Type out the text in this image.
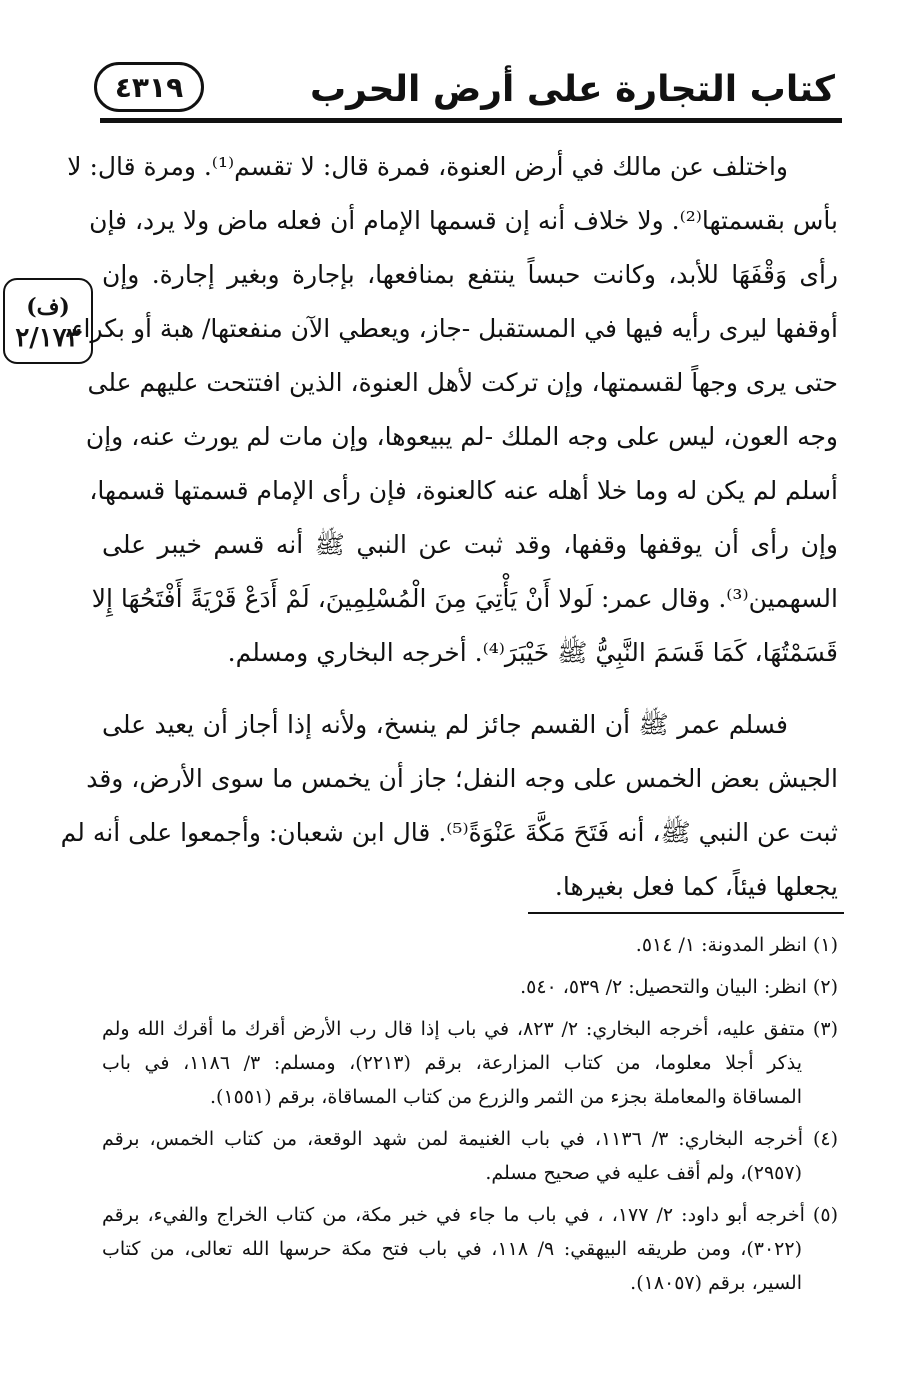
كتاب التجارة على أرض الحرب
٤٣١٩
(ف)
٢/١٧٣
واختلف عن مالك في أرض العنوة، فمرة قال: لا تقسم⁽¹⁾. ومرة قال: لا
بأس بقسمتها⁽²⁾. ولا خلاف أنه إن قسمها الإمام أن فعله ماض ولا يرد، فإن
رأى وَقْفَهَا للأبد، وكانت حبساً ينتفع بمنافعها، بإجارة وبغير إجارة. وإن
أوقفها ليرى رأيه فيها في المستقبل -جاز، ويعطي الآن منفعتها/ هبة أو بكراء،
حتى يرى وجهاً لقسمتها، وإن تركت لأهل العنوة، الذين افتتحت عليهم على
وجه العون، ليس على وجه الملك -لم يبيعوها، وإن مات لم يورث عنه، وإن
أسلم لم يكن له وما خلا أهله عنه كالعنوة، فإن رأى الإمام قسمتها قسمها،
وإن رأى أن يوقفها وقفها، وقد ثبت عن النبي ﷺ أنه قسم خيبر على
السهمين⁽³⁾. وقال عمر: لَولا أَنْ يَأْتِيَ مِنَ الْمُسْلِمِينَ، لَمْ أَدَعْ قَرْيَةً أَفْتَحُهَا إِلا
قَسَمْتُهَا، كَمَا قَسَمَ النَّبِيُّ ﷺ خَيْبَرَ⁽⁴⁾. أخرجه البخاري ومسلم.
فسلم عمر ﷺ أن القسم جائز لم ينسخ، ولأنه إذا أجاز أن يعيد على
الجيش بعض الخمس على وجه النفل؛ جاز أن يخمس ما سوى الأرض، وقد
ثبت عن النبي ﷺ، أنه فَتَحَ مَكَّةَ عَنْوَةً⁽⁵⁾. قال ابن شعبان: وأجمعوا على أنه لم
يجعلها فيئاً، كما فعل بغيرها.
(١) انظر المدونة: ١/ ٥١٤.
(٢) انظر: البيان والتحصيل: ٢/ ٥٣٩، ٥٤٠.
(٣) متفق عليه، أخرجه البخاري: ٢/ ٨٢٣، في باب إذا قال رب الأرض أقرك ما أقرك الله ولم
يذكر أجلا معلوما، من كتاب المزارعة، برقم (٢٢١٣)، ومسلم: ٣/ ١١٨٦، في باب
المساقاة والمعاملة بجزء من الثمر والزرع من كتاب المساقاة، برقم (١٥٥١).
(٤) أخرجه البخاري: ٣/ ١١٣٦، في باب الغنيمة لمن شهد الوقعة، من كتاب الخمس، برقم
(٢٩٥٧)، ولم أقف عليه في صحيح مسلم.
(٥) أخرجه أبو داود: ٢/ ١٧٧، ، في باب ما جاء في خبر مكة، من كتاب الخراج والفيء، برقم
(٣٠٢٢)، ومن طريقه البيهقي: ٩/ ١١٨، في باب فتح مكة حرسها الله تعالى، من كتاب
السير، برقم (١٨٠٥٧).
